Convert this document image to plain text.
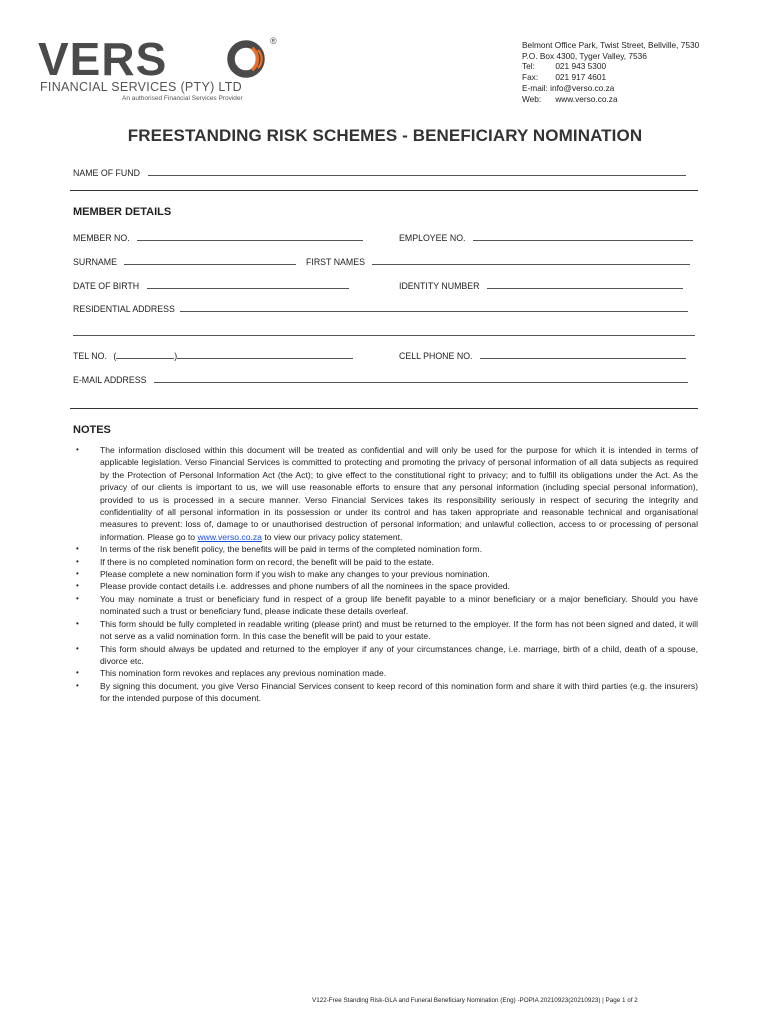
VERS	®
FINANCIAL SERVICES (PTY) LTD
An authorised Financial Services Provider
Belmont Office Park, Twist Street, Bellville, 7530
P.O. Box 4300, Tyger Valley, 7536
Tel: 021 943 5300
Fax: 021 917 4601
E-mail: info@verso.co.za
Web: www.verso.co.za
FREESTANDING RISK SCHEMES - BENEFICIARY NOMINATION
NAME OF FUND
MEMBER DETAILS
MEMBER NO.	EMPLOYEE NO.
SURNAME	FIRST NAMES
DATE OF BIRTH	IDENTITY NUMBER
RESIDENTIAL ADDRESS
TEL NO. (	)	CELL PHONE NO.
E-MAIL ADDRESS
NOTES
• The information disclosed within this document will be treated as confidential and will only be used for the purpose for which it is intended in terms of applicable legislation. Verso Financial Services is committed to protecting and promoting the privacy of personal information of all data subjects as required by the Protection of Personal Information Act (the Act); to give effect to the constitutional right to privacy; and to fulfill its obligations under the Act. As the privacy of our clients is important to us, we will use reasonable efforts to ensure that any personal information (including special personal information), provided to us is processed in a secure manner. Verso Financial Services takes its responsibility seriously in respect of securing the integrity and confidentiality of all personal information in its possession or under its control and has taken appropriate and reasonable technical and organisational measures to prevent: loss of, damage to or unauthorised destruction of personal information; and unlawful collection, access to or processing of personal information. Please go to www.verso.co.za to view our privacy policy statement.
• In terms of the risk benefit policy, the benefits will be paid in terms of the completed nomination form.
• If there is no completed nomination form on record, the benefit will be paid to the estate.
• Please complete a new nomination form if you wish to make any changes to your previous nomination.
• Please provide contact details i.e. addresses and phone numbers of all the nominees in the space provided.
• You may nominate a trust or beneficiary fund in respect of a group life benefit payable to a minor beneficiary or a major beneficiary. Should you have nominated such a trust or beneficiary fund, please indicate these details overleaf.
• This form should be fully completed in readable writing (please print) and must be returned to the employer. If the form has not been signed and dated, it will not serve as a valid nomination form. In this case the benefit will be paid to your estate.
• This form should always be updated and returned to the employer if any of your circumstances change, i.e. marriage, birth of a child, death of a spouse, divorce etc.
• This nomination form revokes and replaces any previous nomination made.
• By signing this document, you give Verso Financial Services consent to keep record of this nomination form and share it with third parties (e.g. the insurers) for the intended purpose of this document.
V122-Free Standing Risk-GLA and Funeral Beneficiary Nomination (Eng) -POPIA 20210923(20210923) | Page 1 of 2
